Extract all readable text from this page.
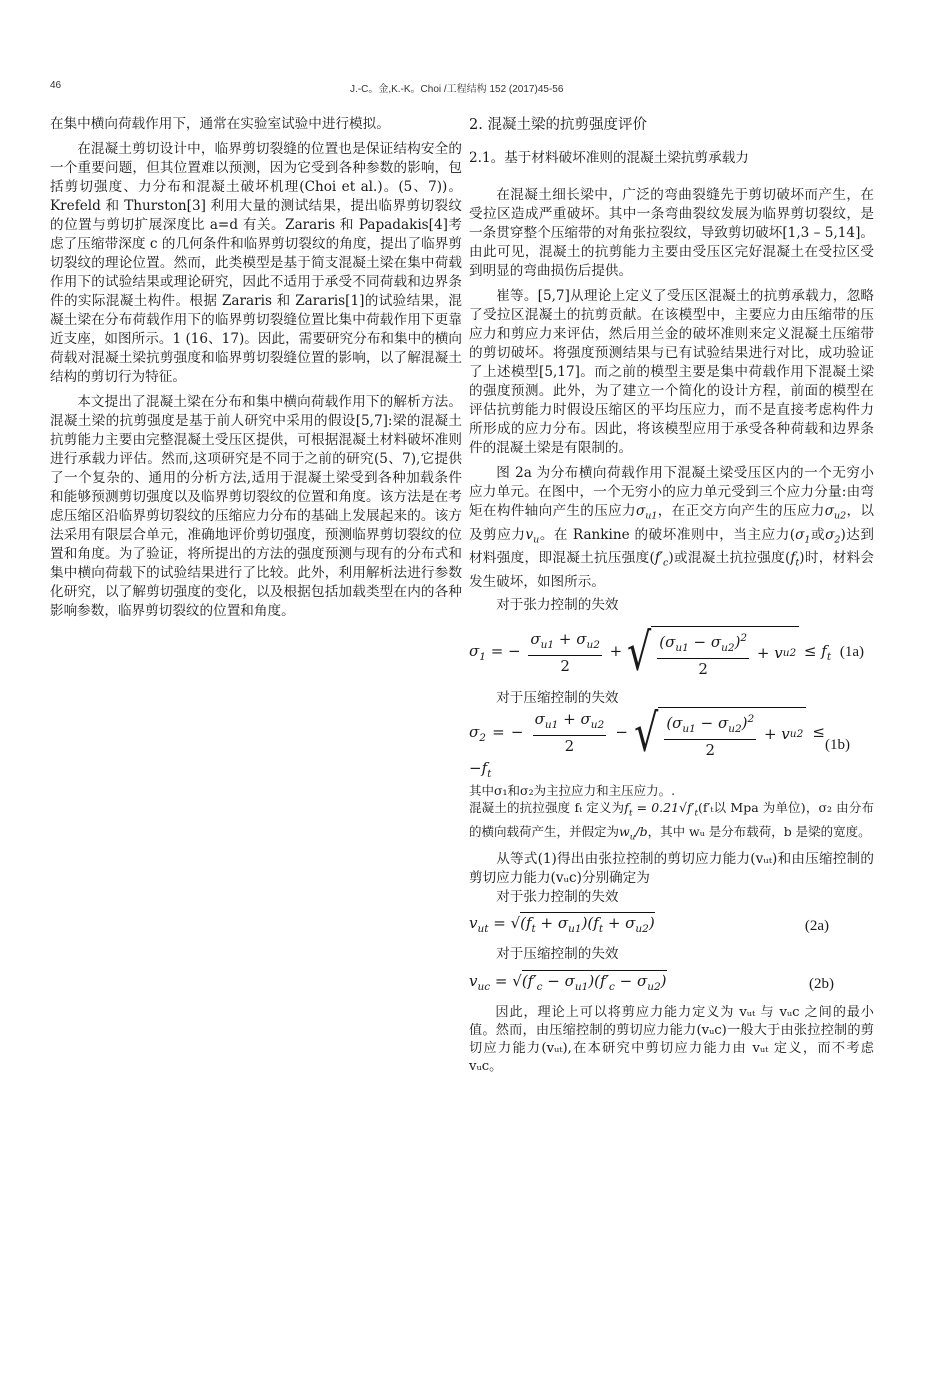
46	J.-C。金,K.-K。Choi /工程结构 152 (2017)45-56

在集中横向荷载作用下，通常在实验室试验中进行模拟。

在混凝土剪切设计中，临界剪切裂缝的位置也是保证结构安全的一个重要问题，但其位置难以预测，因为它受到各种参数的影响，包括剪切强度、力分布和混凝土破坏机理(Choi et al.)。(5、7))。Krefeld 和 Thurston[3] 利用大量的测试结果，提出临界剪切裂纹的位置与剪切扩展深度比 a=d 有关。Zararis 和 Papadakis[4]考虑了压缩带深度 c 的几何条件和临界剪切裂纹的角度，提出了临界剪切裂纹的理论位置。然而，此类模型是基于简支混凝土梁在集中荷载作用下的试验结果或理论研究，因此不适用于承受不同荷载和边界条件的实际混凝土构件。根据 Zararis 和 Zararis[1]的试验结果，混凝土梁在分布荷载作用下的临界剪切裂缝位置比集中荷载作用下更靠近支座，如图所示。1 (16、17)。因此，需要研究分布和集中的横向荷载对混凝土梁抗剪强度和临界剪切裂缝位置的影响，以了解混凝土结构的剪切行为特征。

本文提出了混凝土梁在分布和集中横向荷载作用下的解析方法。混凝土梁的抗剪强度是基于前人研究中采用的假设[5,7]:梁的混凝土抗剪能力主要由完整混凝土受压区提供，可根据混凝土材料破坏准则进行承载力评估。然而,这项研究是不同于之前的研究(5、7),它提供了一个复杂的、通用的分析方法,适用于混凝土梁受到各种加载条件和能够预测剪切强度以及临界剪切裂纹的位置和角度。该方法是在考虑压缩区沿临界剪切裂纹的压缩应力分布的基础上发展起来的。该方法采用有限层合单元，准确地评价剪切强度，预测临界剪切裂纹的位置和角度。为了验证，将所提出的方法的强度预测与现有的分布式和集中横向荷载下的试验结果进行了比较。此外，利用解析法进行参数化研究，以了解剪切强度的变化，以及根据包括加载类型在内的各种影响参数，临界剪切裂纹的位置和角度。

2. 混凝土梁的抗剪强度评价
2.1。基于材料破坏准则的混凝土梁抗剪承载力

在混凝土细长梁中，广泛的弯曲裂缝先于剪切破坏而产生，在受拉区造成严重破坏。其中一条弯曲裂纹发展为临界剪切裂纹，是一条贯穿整个压缩带的对角张拉裂纹，导致剪切破坏[1,3 – 5,14]。由此可见，混凝土的抗剪能力主要由受压区完好混凝土在受拉区受到明显的弯曲损伤后提供。

崔等。[5,7]从理论上定义了受压区混凝土的抗剪承载力，忽略了受拉区混凝土的抗剪贡献。在该模型中，主要应力由压缩带的压应力和剪应力来评估，然后用兰金的破坏准则来定义混凝土压缩带的剪切破坏。将强度预测结果与已有试验结果进行对比，成功验证了上述模型[5,17]。而之前的模型主要是集中荷载作用下混凝土梁的强度预测。此外，为了建立一个简化的设计方程，前面的模型在评估抗剪能力时假设压缩区的平均压应力，而不是直接考虑构件力所形成的应力分布。因此，将该模型应用于承受各种荷载和边界条件的混凝土梁是有限制的。

图 2a 为分布横向荷载作用下混凝土梁受压区内的一个无穷小应力单元。在图中，一个无穷小的应力单元受到三个应力分量:由弯矩在构件轴向产生的压应力$\sigma_{u1}$，在正交方向产生的压应力$\sigma_{u2}$，以及剪应力$v_u$。在 Rankine 的破坏准则中，当主应力($\sigma_1$或$\sigma_2$)达到材料强度，即混凝土抗压强度$(f'_c)$或混凝土抗拉强度$(f_t)$时，材料会发生破坏，如图所示。

对于张力控制的失效

$\sigma_1$ = − $\frac{\sigma_{u1} + \sigma_{u2}}{2}$ + √ $\frac{(\sigma_{u1} - \sigma_{u2})^2}{2} + v$ u $2 \le f_t$ (1a)

对于压缩控制的失效

$\sigma_2$ = − $\frac{\sigma_{u1} + \sigma_{u2}}{2}$ − √ $\frac{(\sigma_{u1} - \sigma_{u2})^2}{2} + v$ u $2 \le -f_t$
(1b)

其中σ₁和σ₂为主拉应力和主压应力。.

混凝土的抗拉强度 fₜ 定义为$f_t = 0.21√f'_t(f'_t$以 Mpa 为单位)，σ₂ 由分布的横向载荷产生，并假定为$w_u/b$，其中 wᵤ 是分布载荷，b 是梁的宽度。

从等式(1)得出由张拉控制的剪切应力能力(vᵤₜ)和由压缩控制的剪切应力能力(vᵤc)分别确定为

对于张力控制的失效

$v_{ut} = √(f_t + \sigma_{u1})(f_t + \sigma_{u2})$	(2a)

对于压缩控制的失效

$v_{uc} = √(f'_c - \sigma_{u1})(f'_c - \sigma_{u2})$	(2b)

因此，理论上可以将剪应力能力定义为 vᵤₜ 与 vᵤc 之间的最小值。然而，由压缩控制的剪切应力能力(vᵤc)一般大于由张拉控制的剪切应力能力(vᵤₜ),在本研究中剪切应力能力由 vᵤₜ 定义，而不考虑 vᵤc。
